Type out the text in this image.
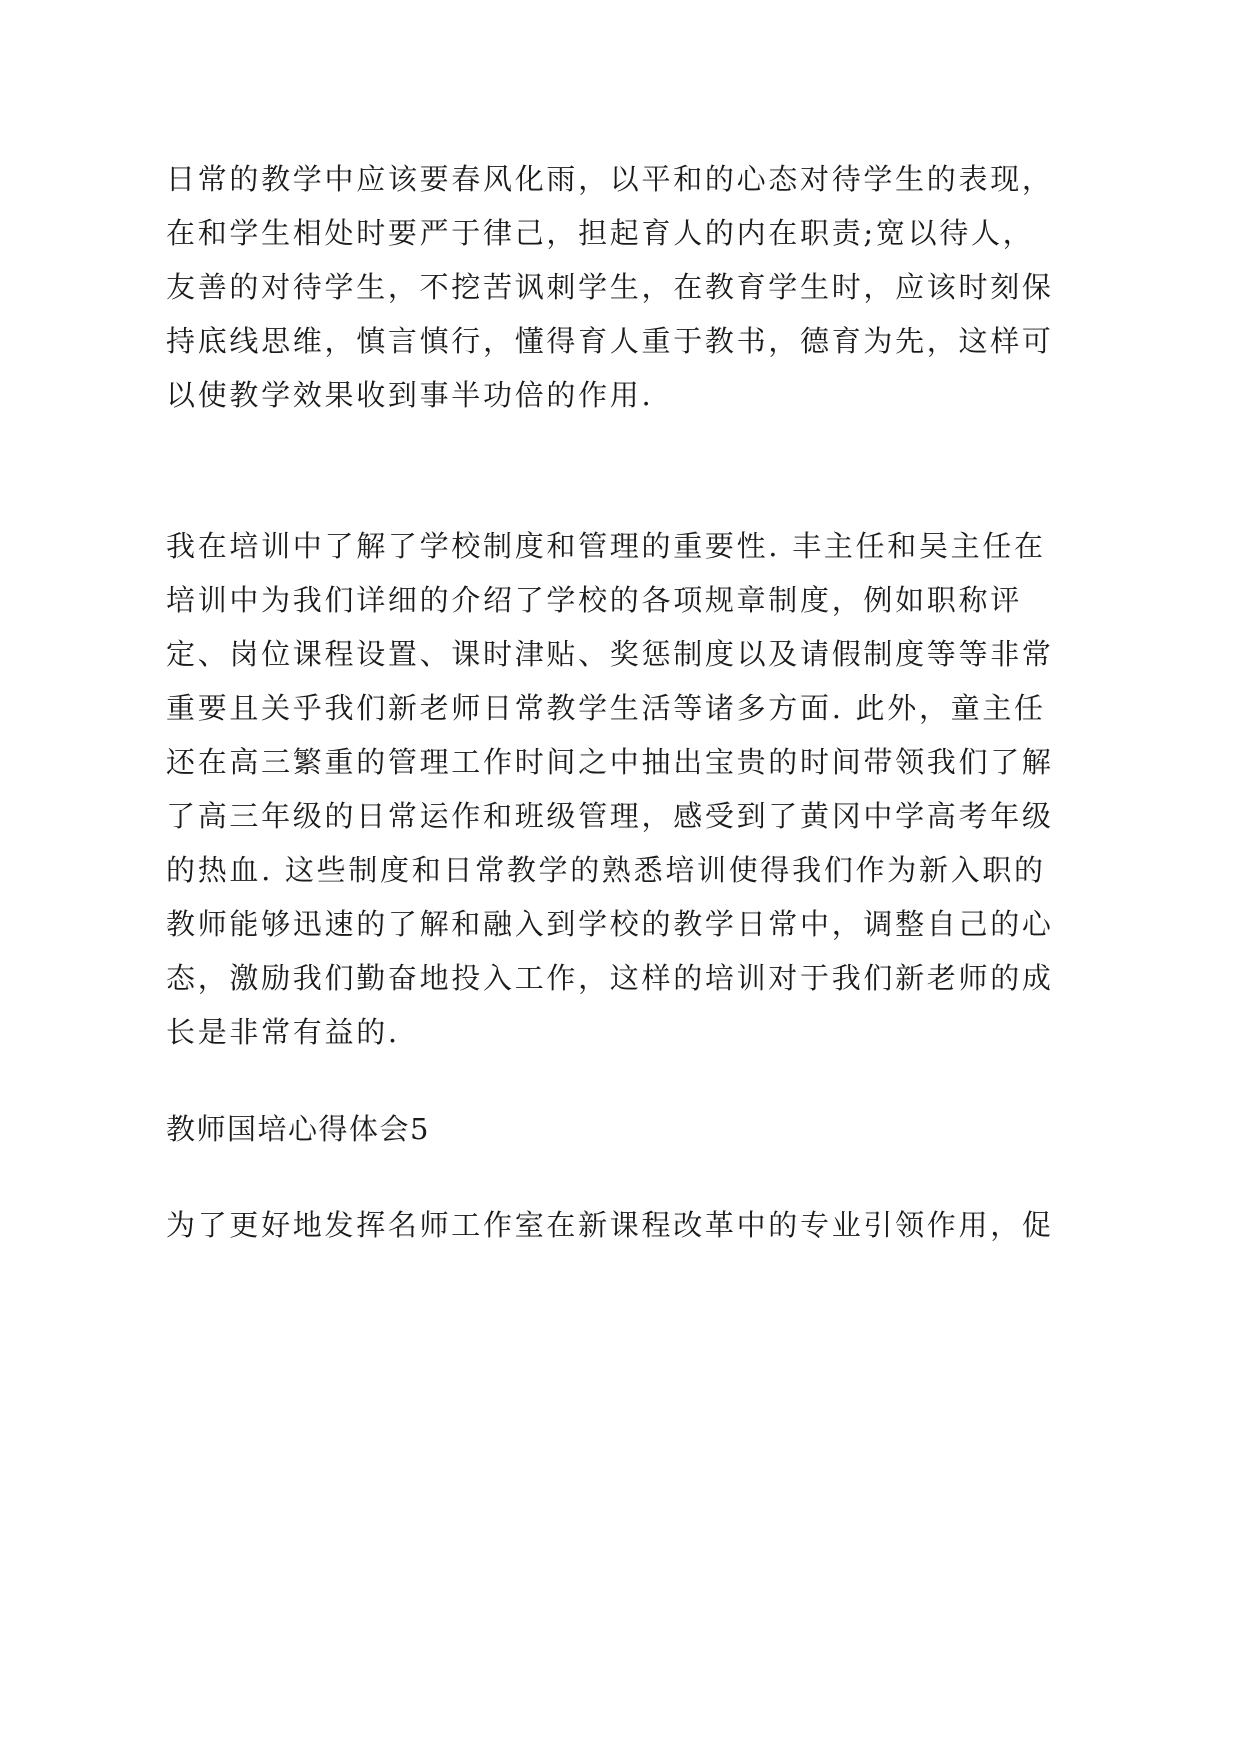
日常的教学中应该要春风化雨，以平和的心态对待学生的表现，
在和学生相处时要严于律己，担起育人的内在职责;宽以待人，
友善的对待学生，不挖苦讽刺学生，在教育学生时，应该时刻保
持底线思维，慎言慎行，懂得育人重于教书，德育为先，这样可
以使教学效果收到事半功倍的作用.
我在培训中了解了学校制度和管理的重要性. 丰主任和吴主任在
培训中为我们详细的介绍了学校的各项规章制度，例如职称评
定、岗位课程设置、课时津贴、奖惩制度以及请假制度等等非常
重要且关乎我们新老师日常教学生活等诸多方面. 此外，童主任
还在高三繁重的管理工作时间之中抽出宝贵的时间带领我们了解
了高三年级的日常运作和班级管理，感受到了黄冈中学高考年级
的热血. 这些制度和日常教学的熟悉培训使得我们作为新入职的
教师能够迅速的了解和融入到学校的教学日常中，调整自己的心
态，激励我们勤奋地投入工作，这样的培训对于我们新老师的成
长是非常有益的.
教师国培心得体会5
为了更好地发挥名师工作室在新课程改革中的专业引领作用，促
